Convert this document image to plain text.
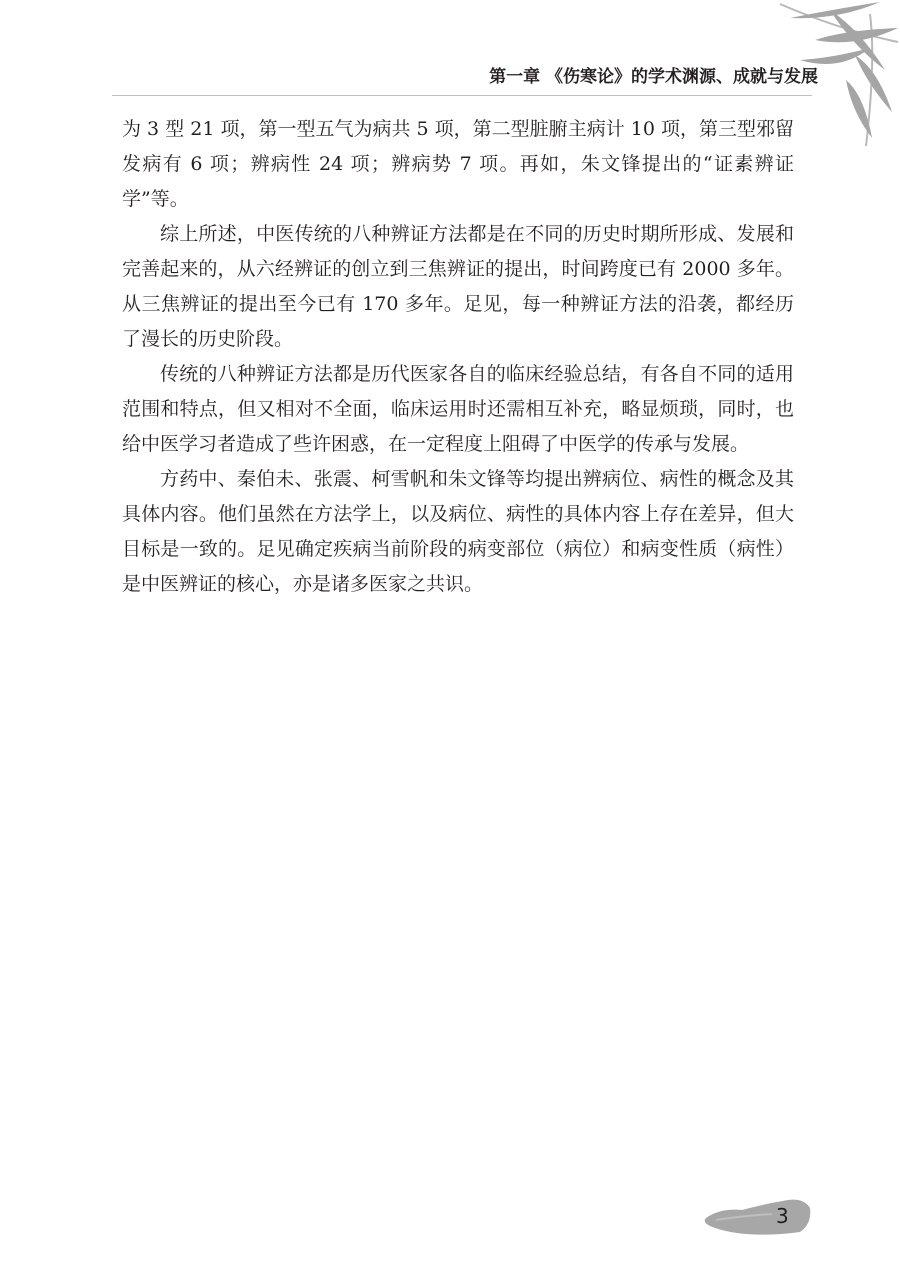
第一章 《伤寒论》的学术渊源、成就与发展

为 3 型 21 项，第一型五气为病共 5 项，第二型脏腑主病计 10 项，第三型邪留发病有 6 项；辨病性 24 项；辨病势 7 项。再如，朱文锋提出的“证素辨证学”等。

综上所述，中医传统的八种辨证方法都是在不同的历史时期所形成、发展和完善起来的，从六经辨证的创立到三焦辨证的提出，时间跨度已有 2000 多年。从三焦辨证的提出至今已有 170 多年。足见，每一种辨证方法的沿袭，都经历了漫长的历史阶段。

传统的八种辨证方法都是历代医家各自的临床经验总结，有各自不同的适用范围和特点，但又相对不全面，临床运用时还需相互补充，略显烦琐，同时，也给中医学习者造成了些许困惑，在一定程度上阻碍了中医学的传承与发展。

方药中、秦伯未、张震、柯雪帆和朱文锋等均提出辨病位、病性的概念及其具体内容。他们虽然在方法学上，以及病位、病性的具体内容上存在差异，但大目标是一致的。足见确定疾病当前阶段的病变部位（病位）和病变性质（病性）是中医辨证的核心，亦是诸多医家之共识。

3
